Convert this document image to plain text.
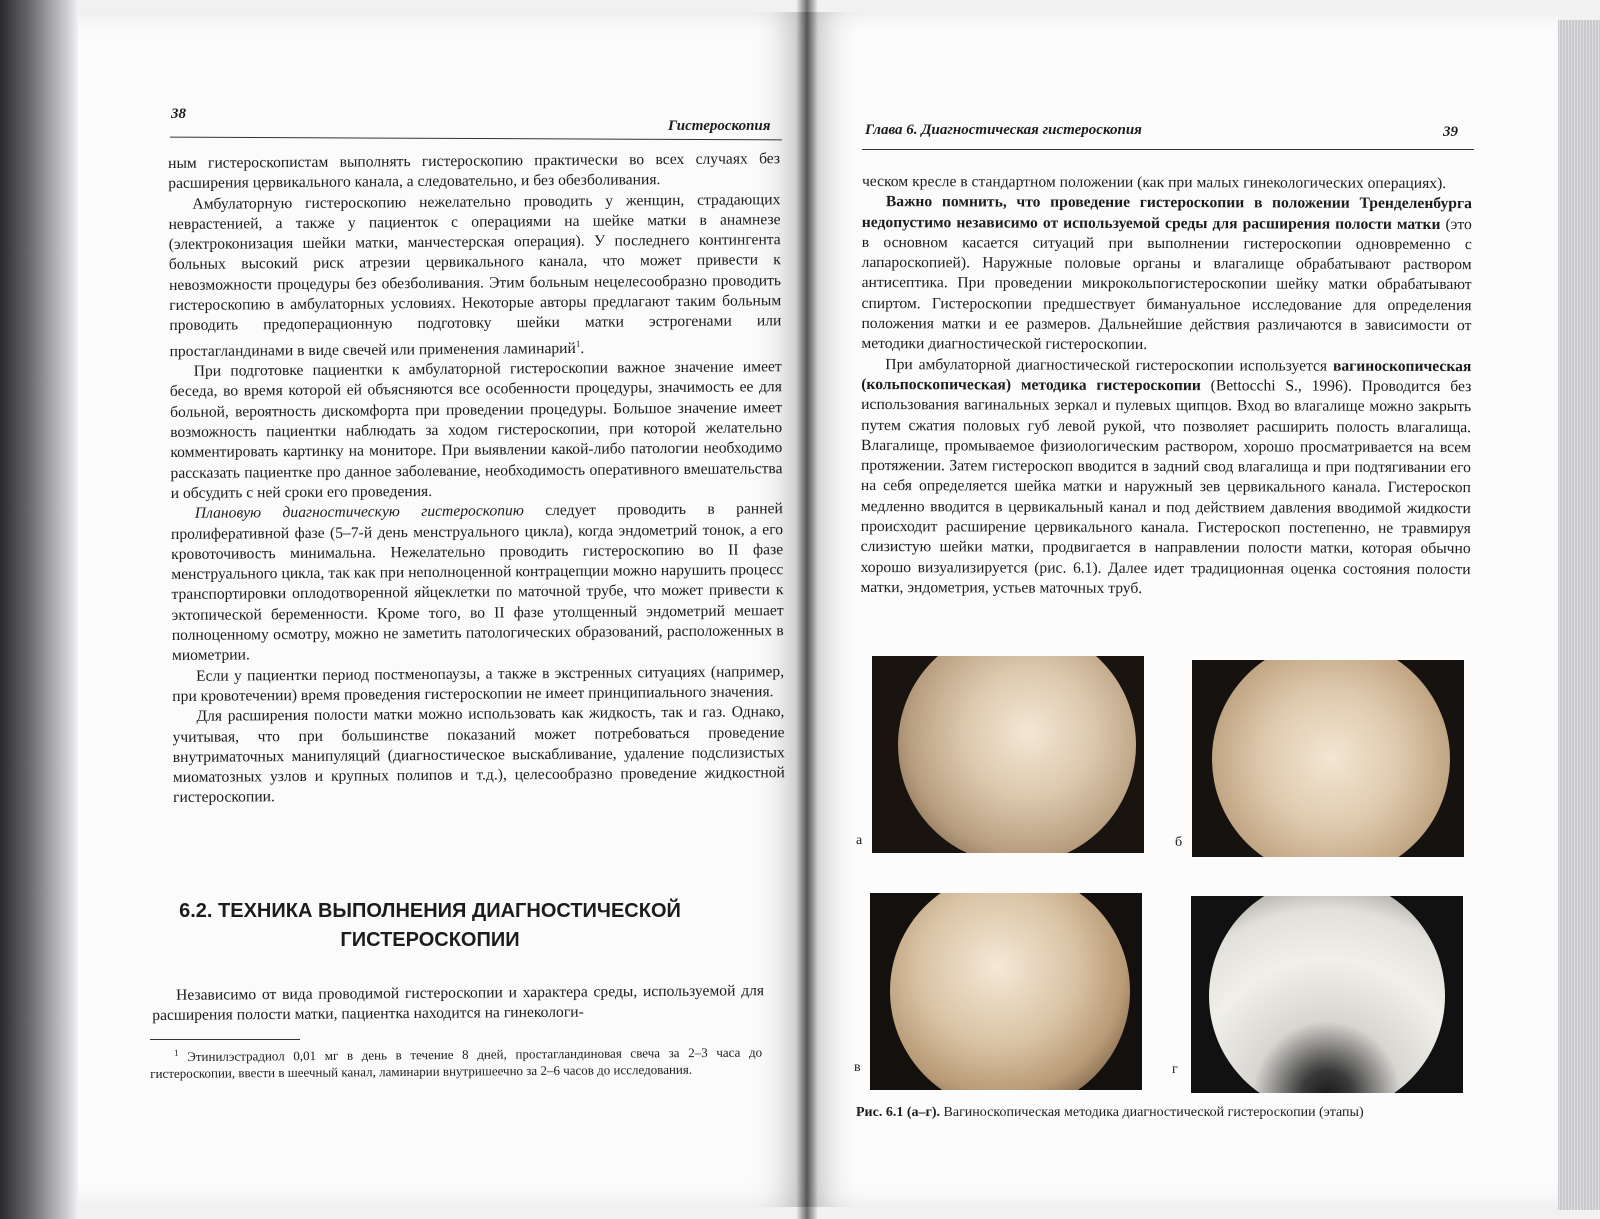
38
Гистероскопия

ным гистероскопистам выполнять гистероскопию практически во всех случаях без расширения цервикального канала, а следовательно, и без обезболивания.

Амбулаторную гистероскопию нежелательно проводить у женщин, страдающих неврастенией, а также у пациенток с операциями на шейке матки в анамнезе (электроконизация шейки матки, манчестерская операция). У последнего контингента больных высокий риск атрезии цервикального канала, что может привести к невозможности процедуры без обезболивания. Этим больным нецелесообразно проводить гистероскопию в амбулаторных условиях. Некоторые авторы предлагают таким больным проводить предоперационную подготовку шейки матки эстрогенами или простагландинами в виде свечей или применения ламинарий$^1$.

При подготовке пациентки к амбулаторной гистероскопии важное значение имеет беседа, во время которой ей объясняются все особенности процедуры, значимость ее для больной, вероятность дискомфорта при проведении процедуры. Большое значение имеет возможность пациентки наблюдать за ходом гистероскопии, при которой желательно комментировать картинку на мониторе. При выявлении какой-либо патологии необходимо рассказать пациентке про данное заболевание, необходимость оперативного вмешательства и обсудить с ней сроки его проведения.

Плановую диагностическую гистероскопию следует проводить в ранней пролиферативной фазе (5–7-й день менструального цикла), когда эндометрий тонок, а его кровоточивость минимальна. Нежелательно проводить гистероскопию во II фазе менструального цикла, так как при неполноценной контрацепции можно нарушить процесс транспортировки оплодотворенной яйцеклетки по маточной трубе, что может привести к эктопической беременности. Кроме того, во II фазе утолщенный эндометрий мешает полноценному осмотру, можно не заметить патологических образований, расположенных в миометрии.

Если у пациентки период постменопаузы, а также в экстренных ситуациях (например, при кровотечении) время проведения гистероскопии не имеет принципиального значения.

Для расширения полости матки можно использовать как жидкость, так и газ. Однако, учитывая, что при большинстве показаний может потребоваться проведение внутриматочных манипуляций (диагностическое выскабливание, удаление подслизистых миоматозных узлов и крупных полипов и т.д.), целесообразно проведение жидкостной гистероскопии.

6.2. ТЕХНИКА ВЫПОЛНЕНИЯ ДИАГНОСТИЧЕСКОЙ
ГИСТЕРОСКОПИИ

Независимо от вида проводимой гистероскопии и характера среды, используемой для расширения полости матки, пациентка находится на гинекологи-

$^1$ Этинилэстрадиол 0,01 мг в день в течение 8 дней, простагландиновая свеча за 2–3 часа до гистероскопии, ввести в шеечный канал, ламинарии внутришеечно за 2–6 часов до исследования.
Глава 6. Диагностическая гистероскопия	39

ческом кресле в стандартном положении (как при малых гинекологических операциях).

Важно помнить, что проведение гистероскопии в положении Тренделенбурга недопустимо независимо от используемой среды для расширения полости матки (это в основном касается ситуаций при выполнении гистероскопии одновременно с лапароскопией). Наружные половые органы и влагалище обрабатывают раствором антисептика. При проведении микрокольпогистероскопии шейку матки обрабатывают спиртом. Гистероскопии предшествует бимануальное исследование для определения положения матки и ее размеров. Дальнейшие действия различаются в зависимости от методики диагностической гистероскопии.

При амбулаторной диагностической гистероскопии используется вагиноскопическая (кольпоскопическая) методика гистероскопии (Bettocchi S., 1996). Проводится без использования вагинальных зеркал и пулевых щипцов. Вход во влагалище можно закрыть путем сжатия половых губ левой рукой, что позволяет расширить полость влагалища. Влагалище, промываемое физиологическим раствором, хорошо просматривается на всем протяжении. Затем гистероскоп вводится в задний свод влагалища и при подтягивании его на себя определяется шейка матки и наружный зев цервикального канала. Гистероскоп медленно вводится в цервикальный канал и под действием давления вводимой жидкости происходит расширение цервикального канала. Гистероскоп постепенно, не травмируя слизистую шейки матки, продвигается в направлении полости матки, которая обычно хорошо визуализируется (рис. 6.1). Далее идет традиционная оценка состояния полости матки, эндометрия, устьев маточных труб.

а	б
в	г
Рис. 6.1 (а–г). Вагиноскопическая методика диагностической гистероскопии (этапы)
